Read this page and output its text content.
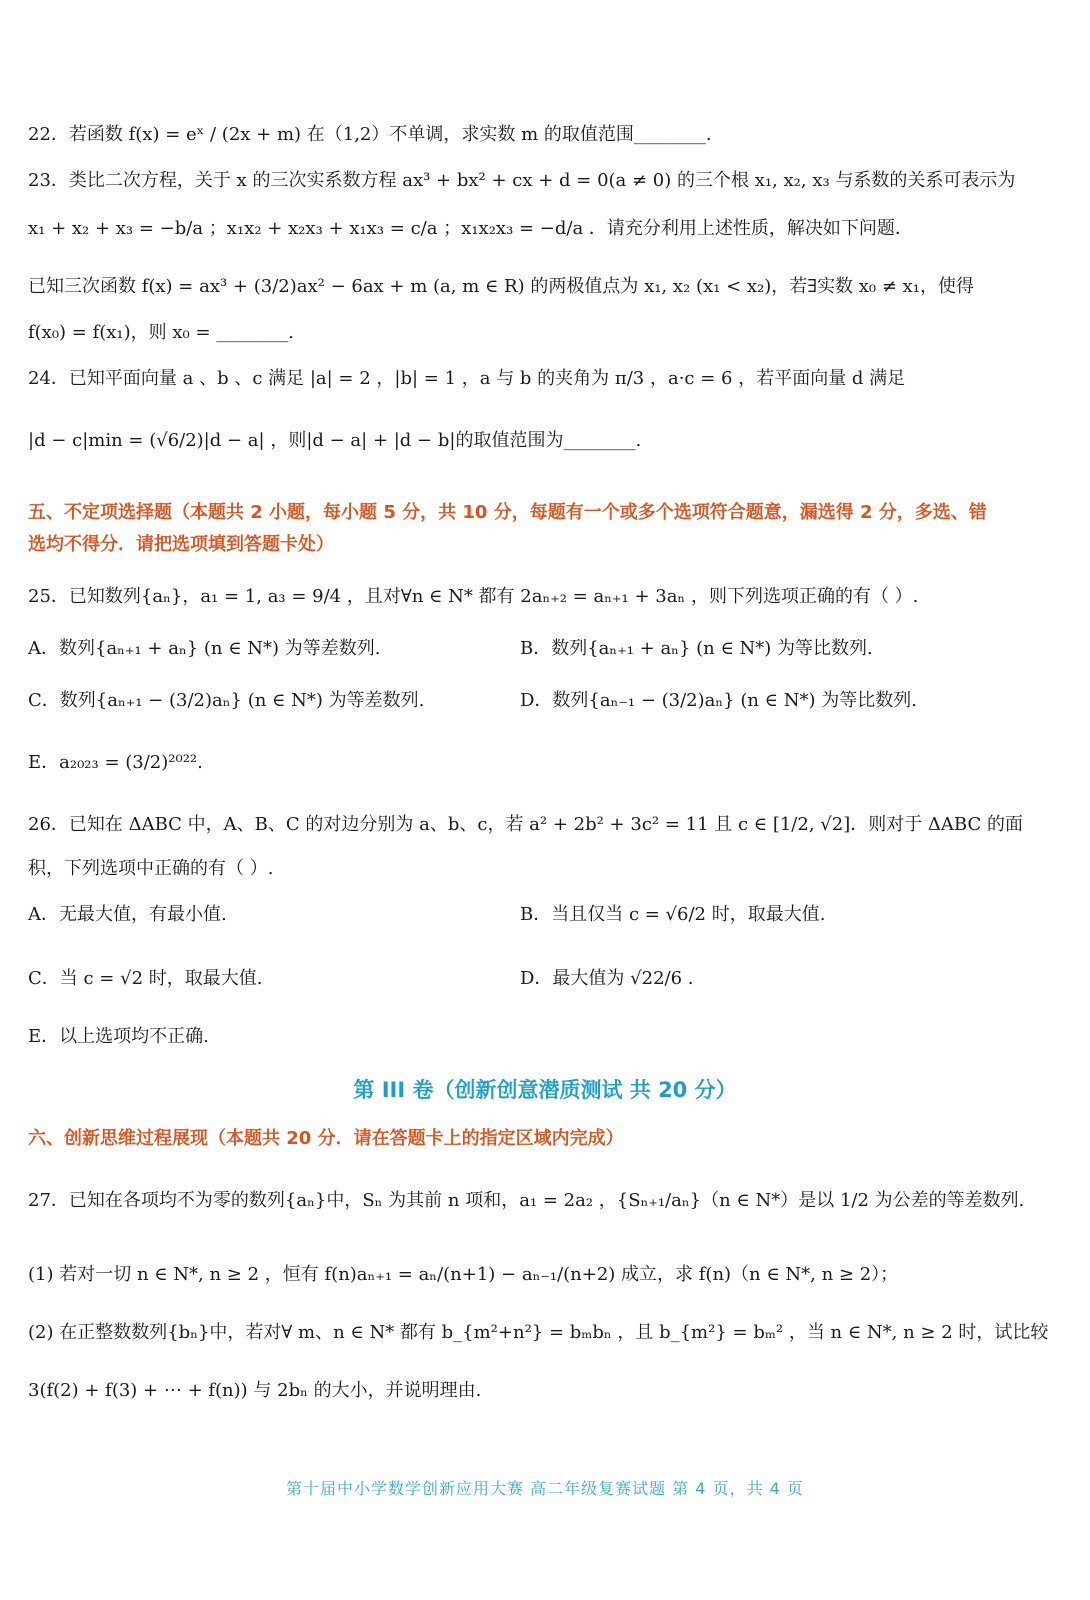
22．若函数 f(x) = eˣ / (2x + m) 在（1,2）不单调，求实数 m 的取值范围________.
23．类比二次方程，关于 x 的三次实系数方程 ax³ + bx² + cx + d = 0(a ≠ 0) 的三个根 x₁, x₂, x₃ 与系数的关系可表示为
x₁ + x₂ + x₃ = −b/a ；x₁x₂ + x₂x₃ + x₁x₃ = c/a ；x₁x₂x₃ = −d/a ．请充分利用上述性质，解决如下问题．
已知三次函数 f(x) = ax³ + (3/2)ax² − 6ax + m (a, m ∈ R) 的两极值点为 x₁, x₂ (x₁ < x₂)，若∃实数 x₀ ≠ x₁，使得
f(x₀) = f(x₁)，则 x₀ = ________.
24．已知平面向量 a 、b 、c 满足 |a| = 2 ，|b| = 1 ，a 与 b 的夹角为 π/3 ，a·c = 6 ，若平面向量 d 满足
|d − c|min = (√6/2)|d − a| ，则|d − a| + |d − b|的取值范围为________.
五、不定项选择题（本题共 2 小题，每小题 5 分，共 10 分，每题有一个或多个选项符合题意，漏选得 2 分，多选、错
选均不得分．请把选项填到答题卡处）
25．已知数列{aₙ}，a₁ = 1, a₃ = 9/4 ，且对∀n ∈ N* 都有 2aₙ₊₂ = aₙ₊₁ + 3aₙ ，则下列选项正确的有（ ）.
A．数列{aₙ₊₁ + aₙ} (n ∈ N*) 为等差数列.	B．数列{aₙ₊₁ + aₙ} (n ∈ N*) 为等比数列.
C．数列{aₙ₊₁ − (3/2)aₙ} (n ∈ N*) 为等差数列.	D．数列{aₙ₋₁ − (3/2)aₙ} (n ∈ N*) 为等比数列.
E．a₂₀₂₃ = (3/2)²⁰²².
26．已知在 ΔABC 中，A、B、C 的对边分别为 a、b、c，若 a² + 2b² + 3c² = 11 且 c ∈ [1/2, √2]．则对于 ΔABC 的面
积，下列选项中正确的有（ ）.
A．无最大值，有最小值.	B．当且仅当 c = √6/2 时，取最大值.
C．当 c = √2 时，取最大值.	D．最大值为 √22/6 .
E．以上选项均不正确.
第 III 卷（创新创意潜质测试 共 20 分）
六、创新思维过程展现（本题共 20 分．请在答题卡上的指定区域内完成）
27．已知在各项均不为零的数列{aₙ}中，Sₙ 为其前 n 项和，a₁ = 2a₂ ，{Sₙ₊₁/aₙ}（n ∈ N*）是以 1/2 为公差的等差数列.
(1) 若对一切 n ∈ N*, n ≥ 2 ，恒有 f(n)aₙ₊₁ = aₙ/(n+1) − aₙ₋₁/(n+2) 成立，求 f(n)（n ∈ N*, n ≥ 2）；
(2) 在正整数数列{bₙ}中，若对∀ m、n ∈ N* 都有 b_{m²+n²} = bₘbₙ ，且 b_{m²} = bₘ² ，当 n ∈ N*, n ≥ 2 时，试比较
3(f(2) + f(3) + ⋯ + f(n)) 与 2bₙ 的大小，并说明理由.
第十届中小学数学创新应用大赛 高二年级复赛试题 第 4 页，共 4 页
